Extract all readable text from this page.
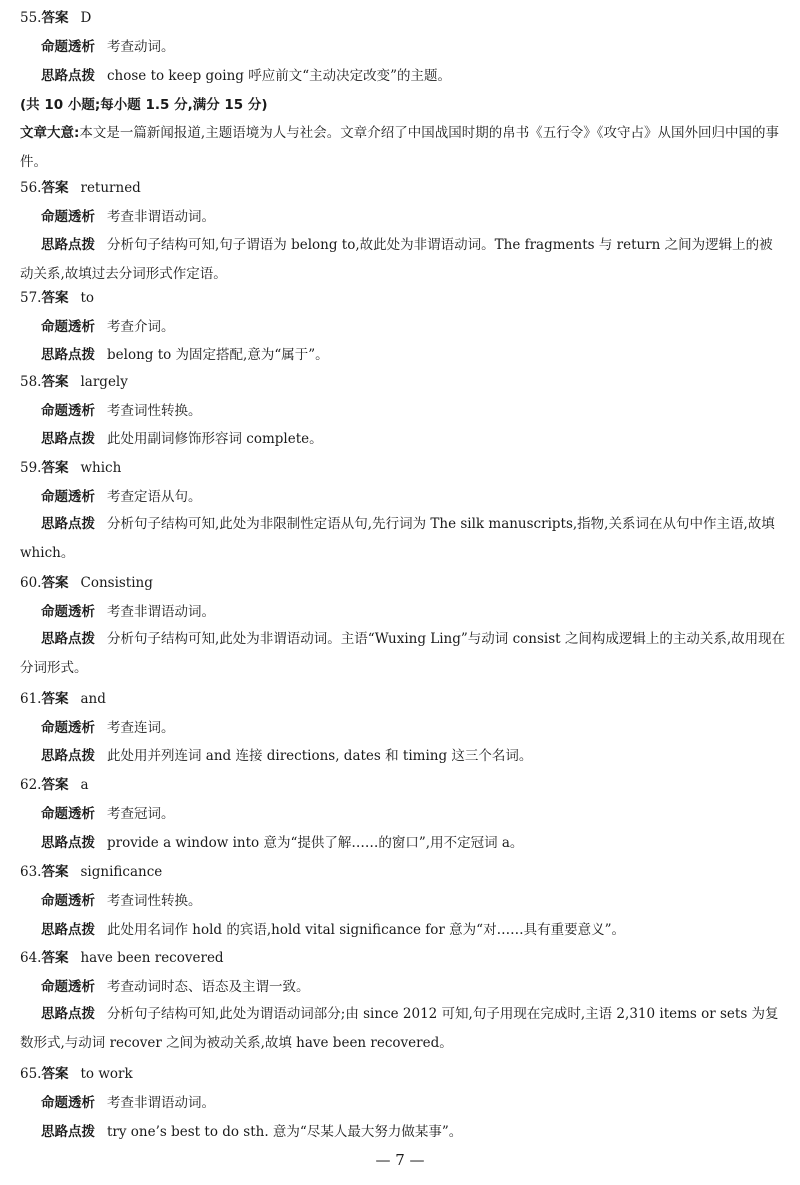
55.答案 D
命题透析 考查动词。
思路点拨 chose to keep going 呼应前文“主动决定改变”的主题。
(共 10 小题;每小题 1.5 分,满分 15 分)
文章大意:本文是一篇新闻报道,主题语境为人与社会。文章介绍了中国战国时期的帛书《五行令》《攻守占》从国外回归中国的事件。
56.答案 returned
命题透析 考查非谓语动词。
思路点拨 分析句子结构可知,句子谓语为 belong to,故此处为非谓语动词。The fragments 与 return 之间为逻辑上的被动关系,故填过去分词形式作定语。
57.答案 to
命题透析 考查介词。
思路点拨 belong to 为固定搭配,意为“属于”。
58.答案 largely
命题透析 考查词性转换。
思路点拨 此处用副词修饰形容词 complete。
59.答案 which
命题透析 考查定语从句。
思路点拨 分析句子结构可知,此处为非限制性定语从句,先行词为 The silk manuscripts,指物,关系词在从句中作主语,故填 which。
60.答案 Consisting
命题透析 考查非谓语动词。
思路点拨 分析句子结构可知,此处为非谓语动词。主语“Wuxing Ling”与动词 consist 之间构成逻辑上的主动关系,故用现在分词形式。
61.答案 and
命题透析 考查连词。
思路点拨 此处用并列连词 and 连接 directions, dates 和 timing 这三个名词。
62.答案 a
命题透析 考查冠词。
思路点拨 provide a window into 意为“提供了解……的窗口”,用不定冠词 a。
63.答案 significance
命题透析 考查词性转换。
思路点拨 此处用名词作 hold 的宾语,hold vital significance for 意为“对……具有重要意义”。
64.答案 have been recovered
命题透析 考查动词时态、语态及主谓一致。
思路点拨 分析句子结构可知,此处为谓语动词部分;由 since 2012 可知,句子用现在完成时,主语 2,310 items or sets 为复数形式,与动词 recover 之间为被动关系,故填 have been recovered。
65.答案 to work
命题透析 考查非谓语动词。
思路点拨 try one’s best to do sth. 意为“尽某人最大努力做某事”。
— 7 —
